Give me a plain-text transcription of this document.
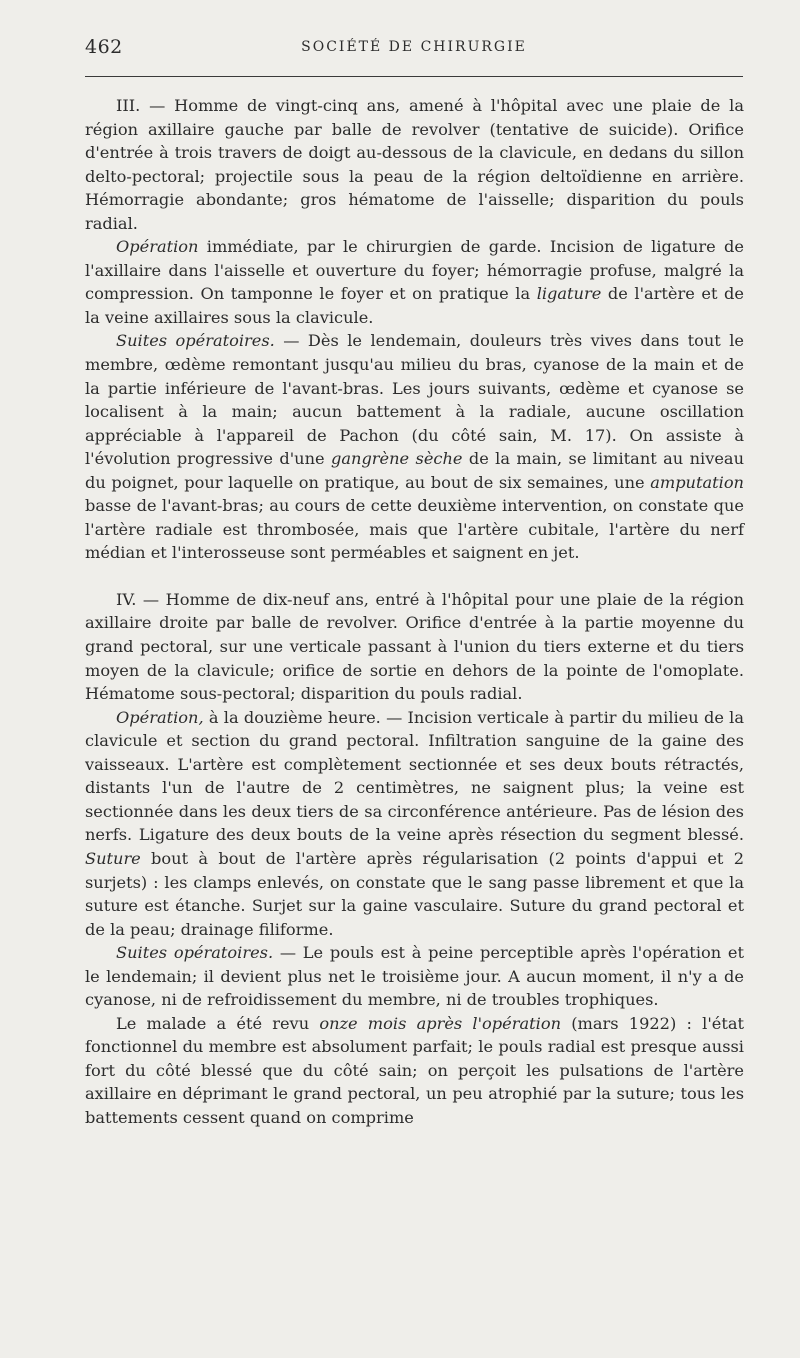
462	SOCIÉTÉ DE CHIRURGIE

III. — Homme de vingt-cinq ans, amené à l'hôpital avec une plaie de la région axillaire gauche par balle de revolver (tentative de suicide). Orifice d'entrée à trois travers de doigt au-dessous de la clavicule, en dedans du sillon delto-pectoral; projectile sous la peau de la région deltoïdienne en arrière. Hémorragie abondante; gros hématome de l'aisselle; disparition du pouls radial.

Opération immédiate, par le chirurgien de garde. Incision de ligature de l'axillaire dans l'aisselle et ouverture du foyer; hémorragie profuse, malgré la compression. On tamponne le foyer et on pratique la ligature de l'artère et de la veine axillaires sous la clavicule.

Suites opératoires. — Dès le lendemain, douleurs très vives dans tout le membre, œdème remontant jusqu'au milieu du bras, cyanose de la main et de la partie inférieure de l'avant-bras. Les jours suivants, œdème et cyanose se localisent à la main; aucun battement à la radiale, aucune oscillation appréciable à l'appareil de Pachon (du côté sain, M. 17). On assiste à l'évolution progressive d'une gangrène sèche de la main, se limitant au niveau du poignet, pour laquelle on pratique, au bout de six semaines, une amputation basse de l'avant-bras; au cours de cette deuxième intervention, on constate que l'artère radiale est thrombosée, mais que l'artère cubitale, l'artère du nerf médian et l'interosseuse sont perméables et saignent en jet.

IV. — Homme de dix-neuf ans, entré à l'hôpital pour une plaie de la région axillaire droite par balle de revolver. Orifice d'entrée à la partie moyenne du grand pectoral, sur une verticale passant à l'union du tiers externe et du tiers moyen de la clavicule; orifice de sortie en dehors de la pointe de l'omoplate. Hématome sous-pectoral; disparition du pouls radial.

Opération, à la douzième heure. — Incision verticale à partir du milieu de la clavicule et section du grand pectoral. Infiltration sanguine de la gaine des vaisseaux. L'artère est complètement sectionnée et ses deux bouts rétractés, distants l'un de l'autre de 2 centimètres, ne saignent plus; la veine est sectionnée dans les deux tiers de sa circonférence antérieure. Pas de lésion des nerfs. Ligature des deux bouts de la veine après résection du segment blessé. Suture bout à bout de l'artère après régularisation (2 points d'appui et 2 surjets) : les clamps enlevés, on constate que le sang passe librement et que la suture est étanche. Surjet sur la gaine vasculaire. Suture du grand pectoral et de la peau; drainage filiforme.

Suites opératoires. — Le pouls est à peine perceptible après l'opération et le lendemain; il devient plus net le troisième jour. A aucun moment, il n'y a de cyanose, ni de refroidissement du membre, ni de troubles trophiques.

Le malade a été revu onze mois après l'opération (mars 1922) : l'état fonctionnel du membre est absolument parfait; le pouls radial est presque aussi fort du côté blessé que du côté sain; on perçoit les pulsations de l'artère axillaire en déprimant le grand pectoral, un peu atrophié par la suture; tous les battements cessent quand on comprime
